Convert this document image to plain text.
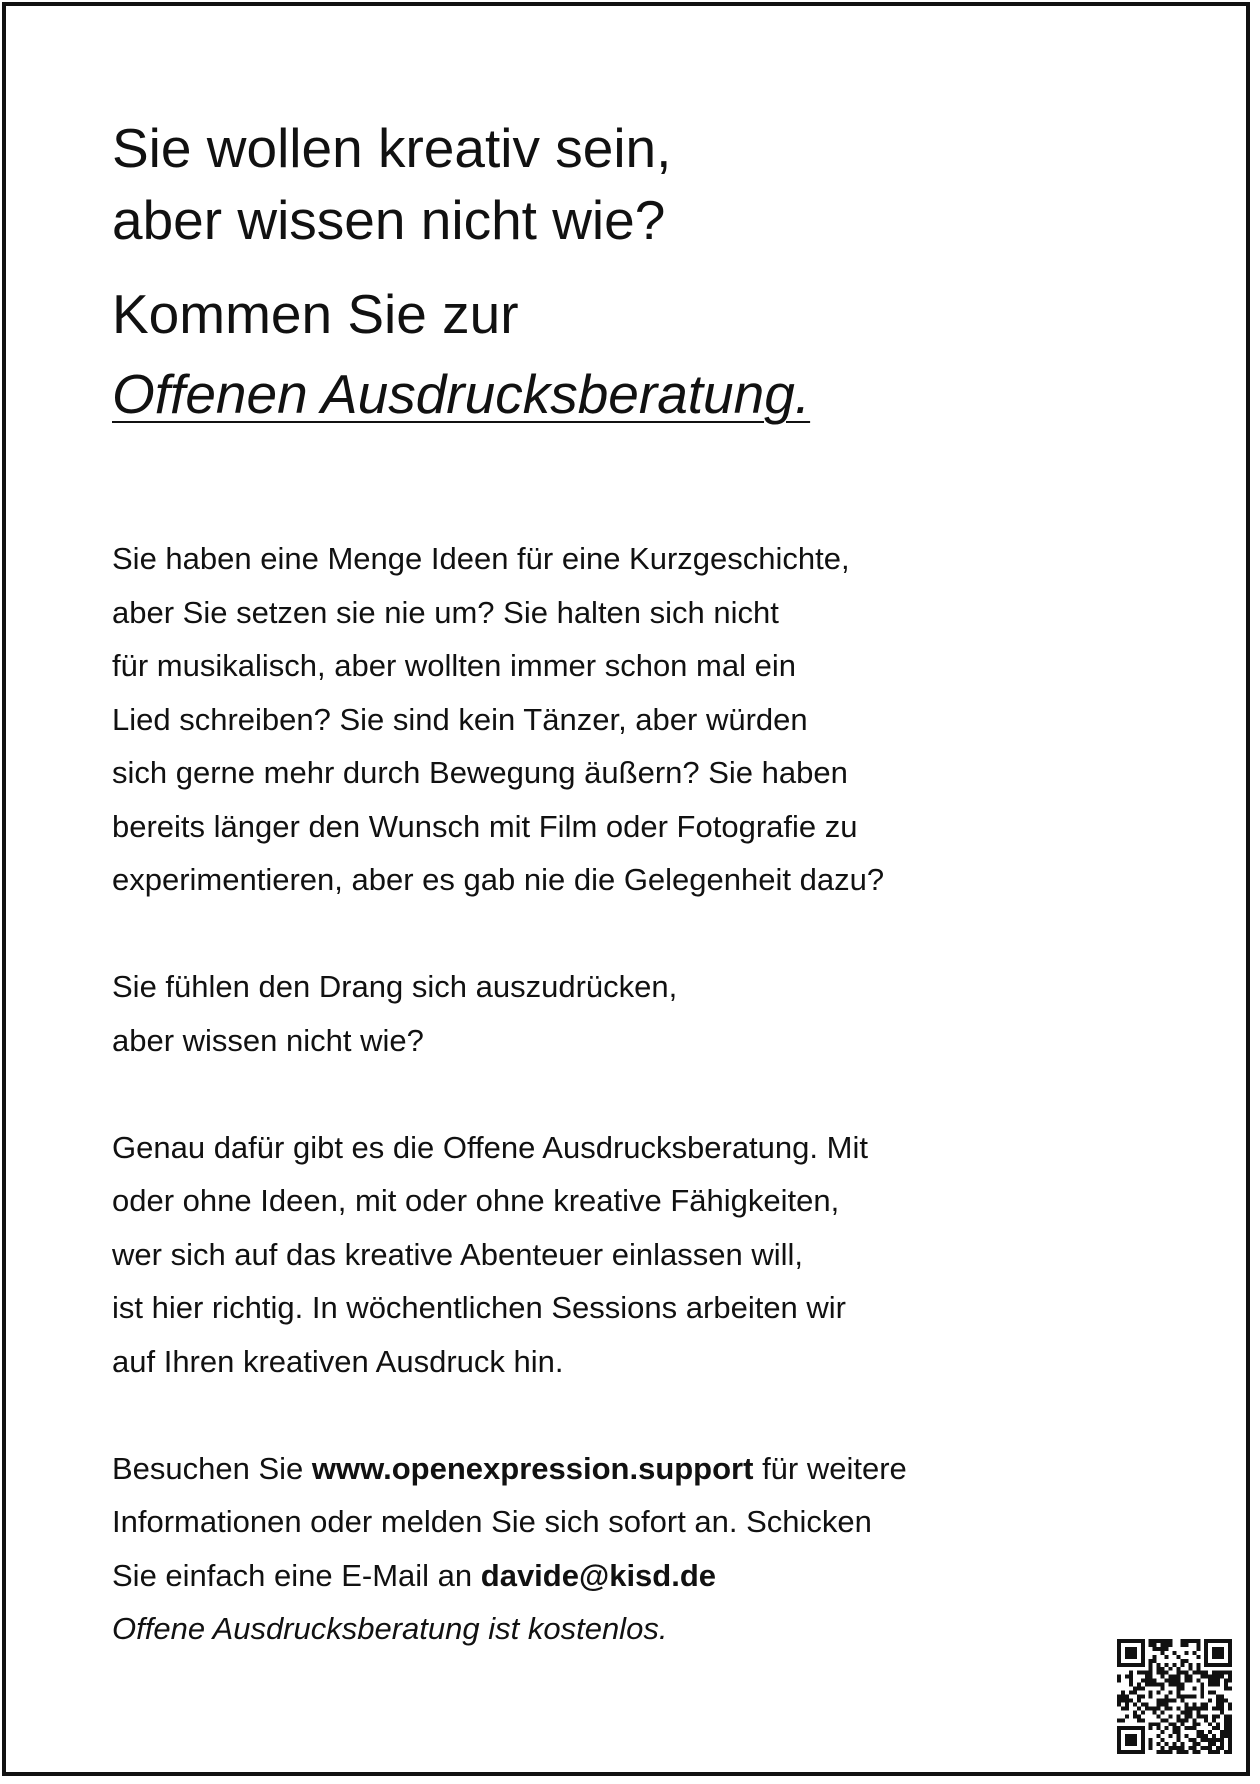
Sie wollen kreativ sein,
aber wissen nicht wie?
Kommen Sie zur
Offenen Ausdrucksberatung.

Sie haben eine Menge Ideen für eine Kurzgeschichte,
aber Sie setzen sie nie um? Sie halten sich nicht
für musikalisch, aber wollten immer schon mal ein
Lied schreiben? Sie sind kein Tänzer, aber würden
sich gerne mehr durch Bewegung äußern? Sie haben
bereits länger den Wunsch mit Film oder Fotografie zu
experimentieren, aber es gab nie die Gelegenheit dazu?

Sie fühlen den Drang sich auszudrücken,
aber wissen nicht wie?

Genau dafür gibt es die Offene Ausdrucksberatung. Mit
oder ohne Ideen, mit oder ohne kreative Fähigkeiten,
wer sich auf das kreative Abenteuer einlassen will,
ist hier richtig. In wöchentlichen Sessions arbeiten wir
auf Ihren kreativen Ausdruck hin.

Besuchen Sie www.openexpression.support für weitere
Informationen oder melden Sie sich sofort an. Schicken
Sie einfach eine E-Mail an davide@kisd.de
Offene Ausdrucksberatung ist kostenlos.
